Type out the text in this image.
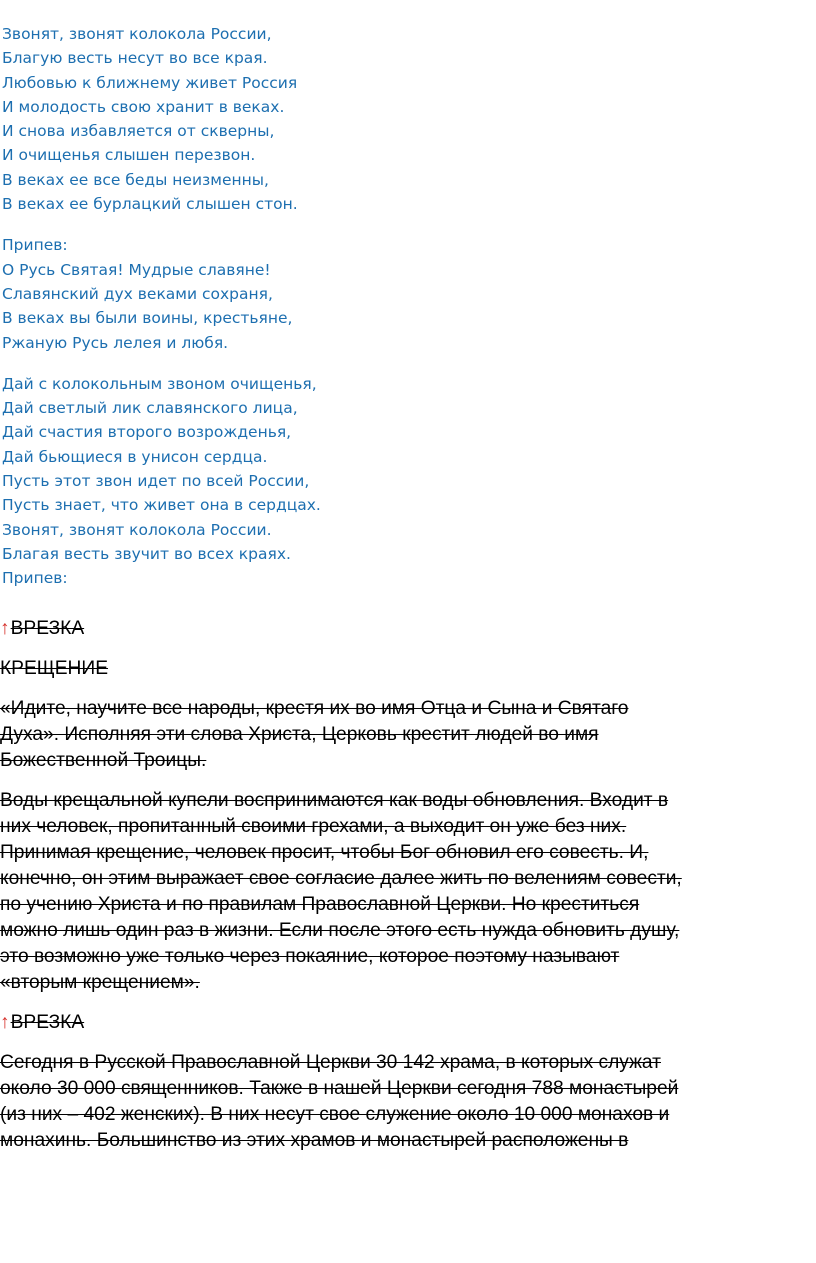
Звонят, звонят колокола России,
Благую весть несут во все края.
Любовью к ближнему живет Россия
И молодость свою хранит в веках.
И снова избавляется от скверны,
И очищенья слышен перезвон.
В веках ее все беды неизменны,
В веках ее бурлацкий слышен стон.
Припев:
О Русь Святая! Мудрые славяне!
Славянский дух веками сохраня,
В веках вы были воины, крестьяне,
Ржаную Русь лелея и любя.
Дай с колокольным звоном очищенья,
Дай светлый лик славянского лица,
Дай счастия второго возрожденья,
Дай бьющиеся в унисон сердца.
Пусть этот звон идет по всей России,
Пусть знает, что живет она в сердцах.
Звонят, звонят колокола России.
Благая весть звучит во всех краях.
Припев:
↑ВРЕЗКА
КРЕЩЕНИЕ
«Идите, научите все народы, крестя их во имя Отца и Сына и Святаго
Духа». Исполняя эти слова Христа, Церковь крестит людей во имя
Божественной Троицы.
Воды крещальной купели воспринимаются как воды обновления. Входит в
них человек, пропитанный своими грехами, а выходит он уже без них.
Принимая крещение, человек просит, чтобы Бог обновил его совесть. И,
конечно, он этим выражает свое согласие далее жить по велениям совести,
по учению Христа и по правилам Православной Церкви. Но креститься
можно лишь один раз в жизни. Если после этого есть нужда обновить душу,
это возможно уже только через покаяние, которое поэтому называют
«вторым крещением».
↑ВРЕЗКА
Сегодня в Русской Православной Церкви 30 142 храма, в которых служат
около 30 000 священников. Также в нашей Церкви сегодня 788 монастырей
(из них – 402 женских). В них несут свое служение около 10 000 монахов и
монахинь. Большинство из этих храмов и монастырей расположены в
